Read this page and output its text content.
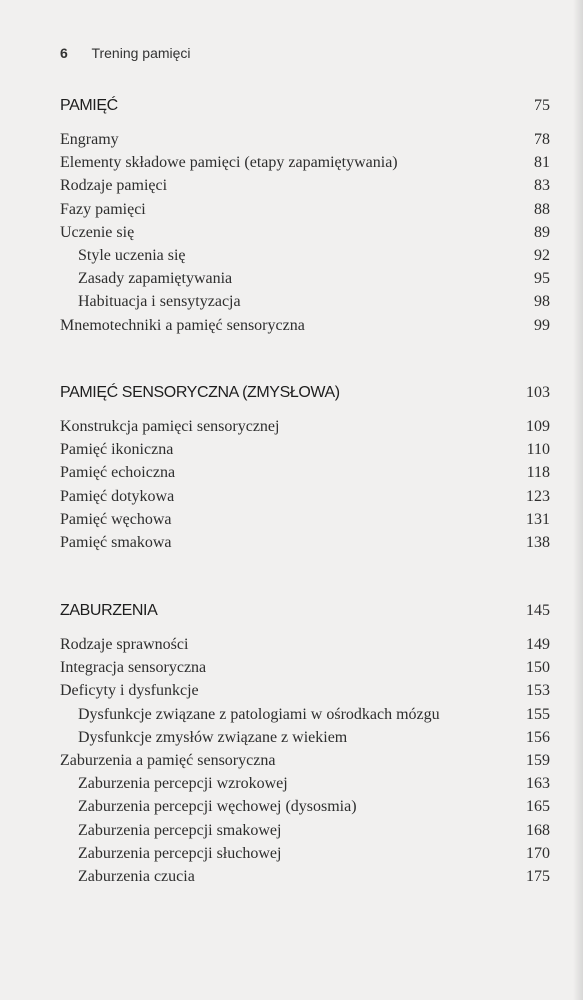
6 Trening pamięci
PAMIĘĆ	75
Engramy	78
Elementy składowe pamięci (etapy zapamiętywania)	81
Rodzaje pamięci	83
Fazy pamięci	88
Uczenie się	89
Style uczenia się	92
Zasady zapamiętywania	95
Habituacja i sensytyzacja	98
Mnemotechniki a pamięć sensoryczna	99
PAMIĘĆ SENSORYCZNA (ZMYSŁOWA)	103
Konstrukcja pamięci sensorycznej	109
Pamięć ikoniczna	110
Pamięć echoiczna	118
Pamięć dotykowa	123
Pamięć węchowa	131
Pamięć smakowa	138
ZABURZENIA	145
Rodzaje sprawności	149
Integracja sensoryczna	150
Deficyty i dysfunkcje	153
Dysfunkcje związane z patologiami w ośrodkach mózgu	155
Dysfunkcje zmysłów związane z wiekiem	156
Zaburzenia a pamięć sensoryczna	159
Zaburzenia percepcji wzrokowej	163
Zaburzenia percepcji węchowej (dysosmia)	165
Zaburzenia percepcji smakowej	168
Zaburzenia percepcji słuchowej	170
Zaburzenia czucia	175
